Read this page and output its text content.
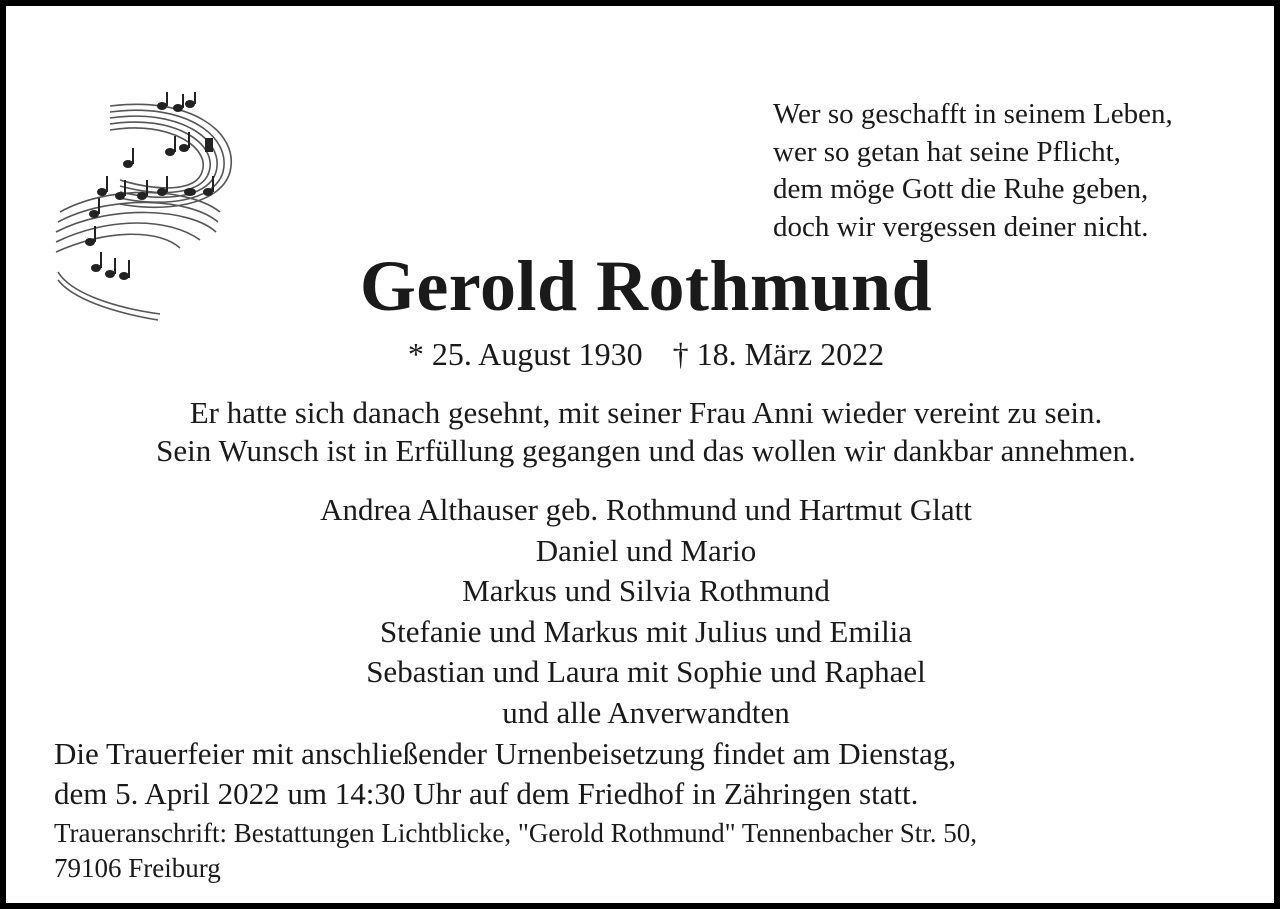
Wer so geschafft in seinem Leben,
wer so getan hat seine Pflicht,
dem möge Gott die Ruhe geben,
doch wir vergessen deiner nicht.
Gerold Rothmund
* 25. August 1930 † 18. März 2022
Er hatte sich danach gesehnt, mit seiner Frau Anni wieder vereint zu sein.
Sein Wunsch ist in Erfüllung gegangen und das wollen wir dankbar annehmen.
Andrea Althauser geb. Rothmund und Hartmut Glatt
Daniel und Mario
Markus und Silvia Rothmund
Stefanie und Markus mit Julius und Emilia
Sebastian und Laura mit Sophie und Raphael
und alle Anverwandten
Die Trauerfeier mit anschließender Urnenbeisetzung findet am Dienstag,
dem 5. April 2022 um 14:30 Uhr auf dem Friedhof in Zähringen statt.
Traueranschrift: Bestattungen Lichtblicke, "Gerold Rothmund" Tennenbacher Str. 50,
79106 Freiburg
